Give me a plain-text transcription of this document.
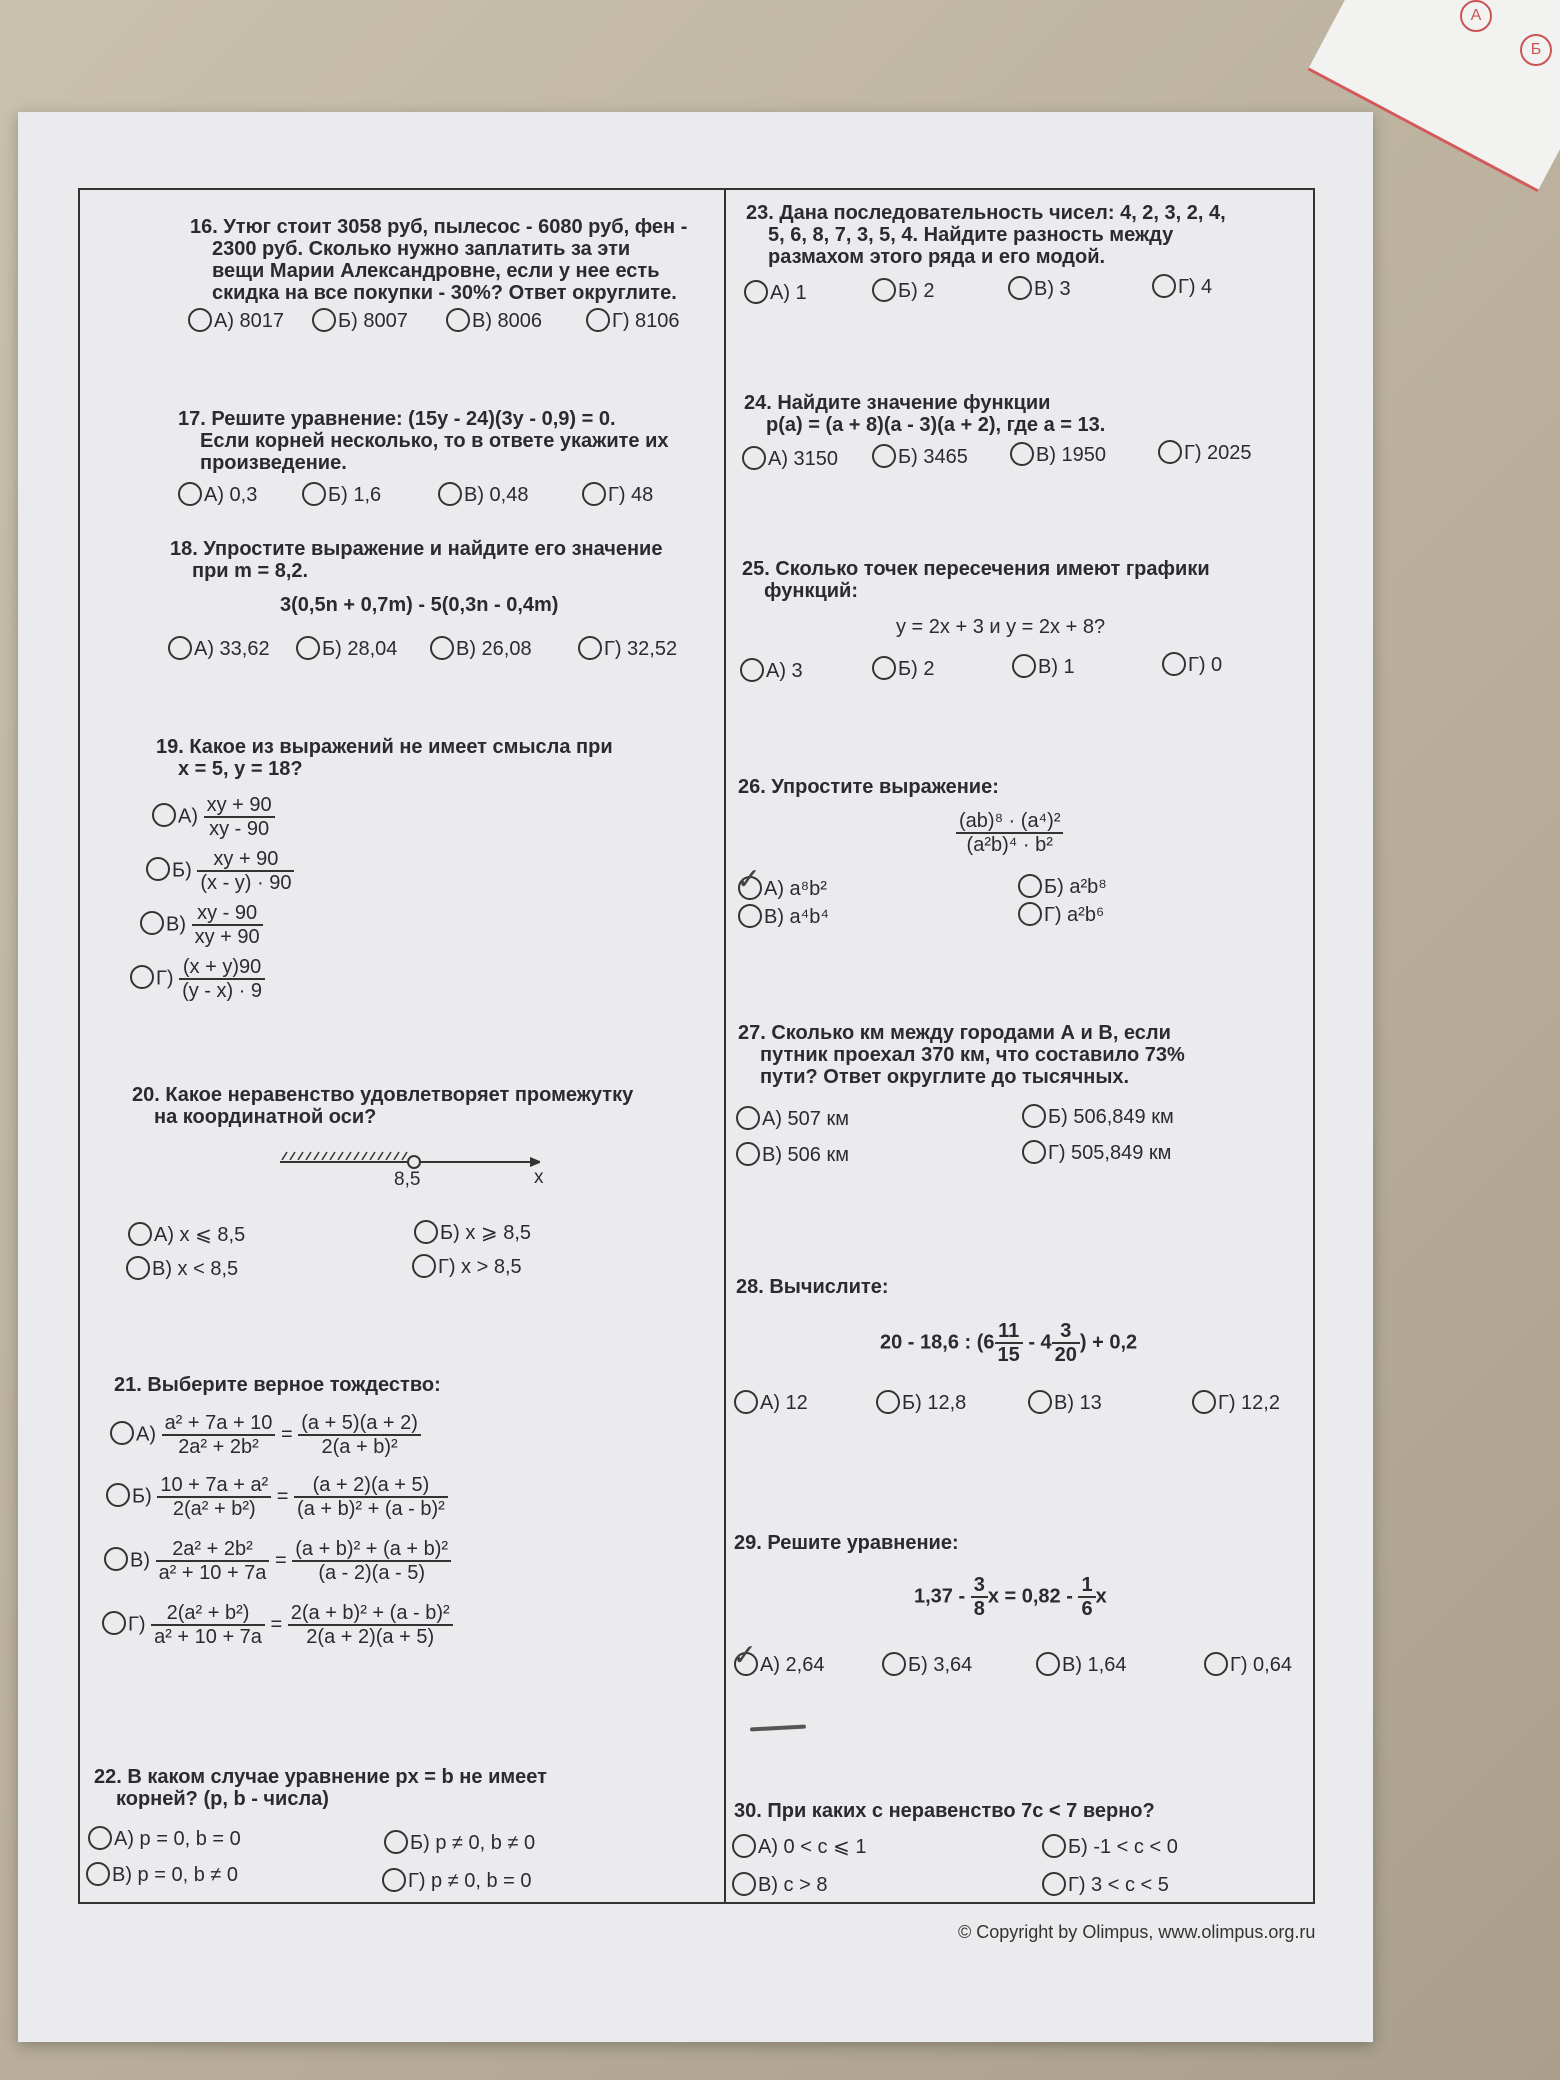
А
Б
16. Утюг стоит 3058 руб, пылесос - 6080 руб, фен -
2300 руб. Сколько нужно заплатить за эти
вещи Марии Александровне, если у нее есть
скидка на все покупки - 30%? Ответ округлите.
А) 8017	Б) 8007	В) 8006	Г) 8106
17. Решите уравнение: (15y - 24)(3y - 0,9) = 0.
Если корней несколько, то в ответе укажите их
произведение.
А) 0,3	Б) 1,6	В) 0,48	Г) 48
18. Упростите выражение и найдите его значение
при m = 8,2.
3(0,5n + 0,7m) - 5(0,3n - 0,4m)
А) 33,62	Б) 28,04	В) 26,08	Г) 32,52
19. Какое из выражений не имеет смысла при
x = 5, y = 18?
$А) \frac{xy + 90}{xy - 90}$
$Б) \frac{xy + 90}{(x - y) \cdot 90}$
$В) \frac{xy - 90}{xy + 90}$
$Г) \frac{(x + y)90}{(y - x) \cdot 9}$
20. Какое неравенство удовлетворяет промежутку
на координатной оси?
8,5	x
А) x ⩽ 8,5	Б) x ⩾ 8,5
В) x < 8,5	Г) x > 8,5
21. Выберите верное тождество:
$А) \frac{\text{a² + 7a + 10}}{\text{2a² + 2b²}} = \frac{(a + 5)(a + 2)}{\text{2(a + b)²}}$
$Б) \frac{\text{10 + 7a + a²}}{\text{2(a² + b²)}} = \frac{(a + 2)(a + 5)}{\text{(a + b)² + (a - b)²}}$
$В) \frac{\text{2a² + 2b²}}{\text{a² + 10 + 7a}} = \frac{\text{(a + b)² + (a + b)²}}{(a - 2)(a - 5)}$
$Г) \frac{\text{2(a² + b²)}}{\text{a² + 10 + 7a}} = \frac{\text{2(a + b)² + (a - b)²}}{2(a + 2)(a + 5)}$
22. В каком случае уравнение px = b не имеет
корней? (p, b - числа)
А) p = 0, b = 0	Б) p ≠ 0, b ≠ 0
В) p = 0, b ≠ 0	Г) p ≠ 0, b = 0
23. Дана последовательность чисел: 4, 2, 3, 2, 4,
5, 6, 8, 7, 3, 5, 4. Найдите разность между
размахом этого ряда и его модой.
А) 1	Б) 2	В) 3	Г) 4
24. Найдите значение функции
p(a) = (a + 8)(a - 3)(a + 2), где a = 13.
А) 3150	Б) 3465	В) 1950	Г) 2025
25. Сколько точек пересечения имеют графики
функций:
y = 2x + 3 и y = 2x + 8?
А) 3	Б) 2	В) 1	Г) 0
26. Упростите выражение:
$\frac{\text{(ab)⁸ · (a⁴)²}}{\text{(a²b)⁴ · b²}}$
✓ А) a⁸b²	Б) a²b⁸
В) a⁴b⁴	Г) a²b⁶
27. Сколько км между городами А и В, если
путник проехал 370 км, что составило 73%
пути? Ответ округлите до тысячных.
А) 507 км	Б) 506,849 км
В) 506 км	Г) 505,849 км
28. Вычислите:
20 - 18,6 : ($6 \frac{11}{15} - 4 \frac{3}{20}$ ) + 0,2
А) 12	Б) 12,8	В) 13	Г) 12,2
29. Решите уравнение:
$1,37 - \frac{3}{8}$ $x = 0,82 - \frac{1}{6}$ x
✓ А) 2,64	Б) 3,64	В) 1,64	Г) 0,64
30. При каких c неравенство 7c < 7 верно?
А) 0 < c ⩽ 1	Б) -1 < c < 0
В) c > 8	Г) 3 < c < 5
© Copyright by Olimpus, www.olimpus.org.ru
